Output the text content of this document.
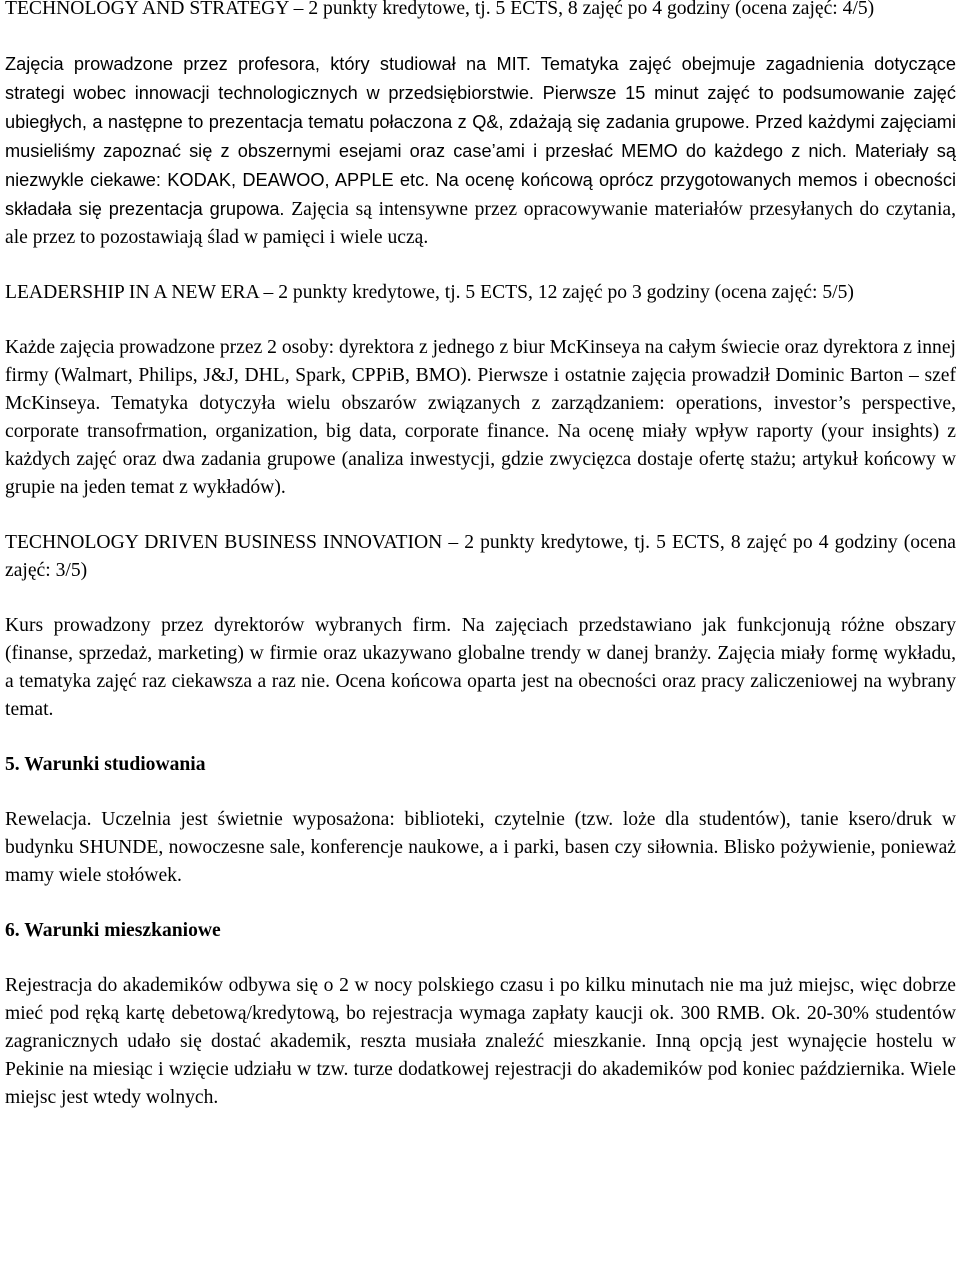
TECHNOLOGY AND STRATEGY – 2 punkty kredytowe, tj. 5 ECTS, 8 zajęć po 4 godziny (ocena zajęć: 4/5)

Zajęcia prowadzone przez profesora, który studiował na MIT. Tematyka zajęć obejmuje zagadnienia dotyczące strategi wobec innowacji technologicznych w przedsiębiorstwie. Pierwsze 15 minut zajęć to podsumowanie zajęć ubiegłych, a następne to prezentacja tematu połaczona z Q&, zdażają się zadania grupowe. Przed każdymi zajęciami musieliśmy zapoznać się z obszernymi esejami oraz case’ami i przesłać MEMO do każdego z nich. Materiały są niezwykle ciekawe: KODAK, DEAWOO, APPLE etc. Na ocenę końcową oprócz przygotowanych memos i obecności składała się prezentacja grupowa. Zajęcia są intensywne przez opracowywanie materiałów przesyłanych do czytania, ale przez to pozostawiają ślad w pamięci i wiele uczą.

LEADERSHIP IN A NEW ERA – 2 punkty kredytowe, tj. 5 ECTS, 12 zajęć po 3 godziny (ocena zajęć: 5/5)

Każde zajęcia prowadzone przez 2 osoby: dyrektora z jednego z biur McKinseya na całym świecie oraz dyrektora z innej firmy (Walmart, Philips, J&J, DHL, Spark, CPPiB, BMO). Pierwsze i ostatnie zajęcia prowadził Dominic Barton – szef McKinseya. Tematyka dotyczyła wielu obszarów związanych z zarządzaniem: operations, investor’s perspective, corporate transofrmation, organization, big data, corporate finance. Na ocenę miały wpływ raporty (your insights) z każdych zajęć oraz dwa zadania grupowe (analiza inwestycji, gdzie zwycięzca dostaje ofertę stażu; artykuł końcowy w grupie na jeden temat z wykładów).

TECHNOLOGY DRIVEN BUSINESS INNOVATION – 2 punkty kredytowe, tj. 5 ECTS, 8 zajęć po 4 godziny (ocena zajęć: 3/5)

Kurs prowadzony przez dyrektorów wybranych firm. Na zajęciach przedstawiano jak funkcjonują różne obszary (finanse, sprzedaż, marketing) w firmie oraz ukazywano globalne trendy w danej branży. Zajęcia miały formę wykładu, a tematyka zajęć raz ciekawsza a raz nie. Ocena końcowa oparta jest na obecności oraz pracy zaliczeniowej na wybrany temat.

5. Warunki studiowania

Rewelacja. Uczelnia jest świetnie wyposażona: biblioteki, czytelnie (tzw. loże dla studentów), tanie ksero/druk w budynku SHUNDE, nowoczesne sale, konferencje naukowe, a i parki, basen czy siłownia. Blisko pożywienie, ponieważ mamy wiele stołówek.

6. Warunki mieszkaniowe

Rejestracja do akademików odbywa się o 2 w nocy polskiego czasu i po kilku minutach nie ma już miejsc, więc dobrze mieć pod ręką kartę debetową/kredytową, bo rejestracja wymaga zapłaty kaucji ok. 300 RMB. Ok. 20-30% studentów zagranicznych udało się dostać akademik, reszta musiała znaleźć mieszkanie. Inną opcją jest wynajęcie hostelu w Pekinie na miesiąc i wzięcie udziału w tzw. turze dodatkowej rejestracji do akademików pod koniec października. Wiele miejsc jest wtedy wolnych.
